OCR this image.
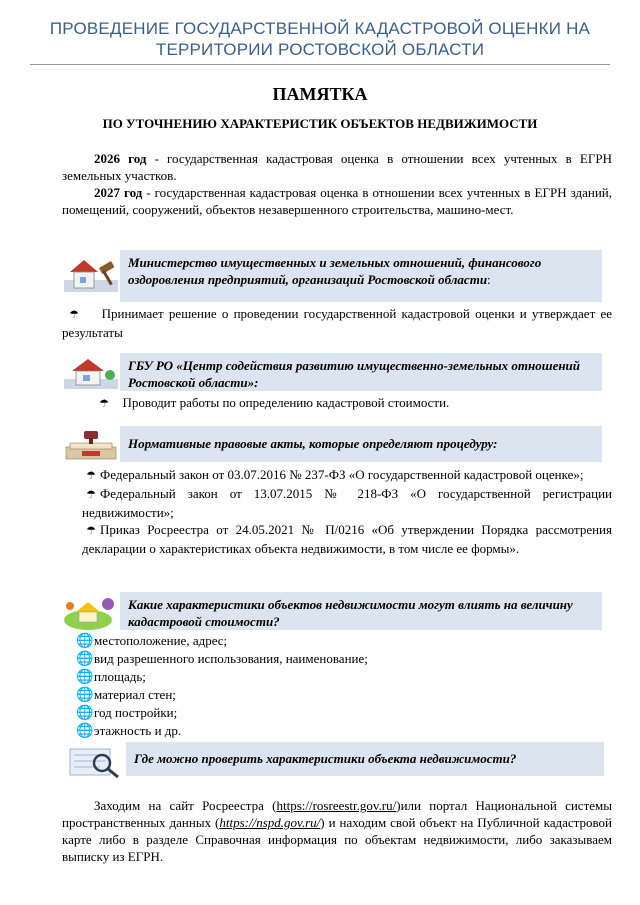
ПРОВЕДЕНИЕ ГОСУДАРСТВЕННОЙ КАДАСТРОВОЙ ОЦЕНКИ НА
ТЕРРИТОРИИ РОСТОВСКОЙ ОБЛАСТИ
ПАМЯТКА
ПО УТОЧНЕНИЮ ХАРАКТЕРИСТИК ОБЪЕКТОВ НЕДВИЖИМОСТИ
2026 год - государственная кадастровая оценка в отношении всех учтенных в ЕГРН земельных участков.
2027 год - государственная кадастровая оценка в отношении всех учтенных в ЕГРН зданий, помещений, сооружений, объектов незавершенного строительства, машино-мест.
Министерство имущественных и земельных отношений, финансового оздоровления предприятий, организаций Ростовской области:
☂ Принимает решение о проведении государственной кадастровой оценки и утверждает ее результаты
ГБУ РО «Центр содействия развитию имущественно-земельных отношений Ростовской области»:
☂ Проводит работы по определению кадастровой стоимости.
Нормативные правовые акты, которые определяют процедуру:
☂ Федеральный закон от 03.07.2016 № 237-ФЗ «О государственной кадастровой оценке»;
☂ Федеральный закон от 13.07.2015 № 218-ФЗ «О государственной регистрации недвижимости»;
☂ Приказ Росреестра от 24.05.2021 № П/0216 «Об утверждении Порядка рассмотрения декларации о характеристиках объекта недвижимости, в том числе ее формы».
Какие характеристики объектов недвижимости могут влиять на величину кадастровой стоимости?
🌐местоположение, адрес;
🌐вид разрешенного использования, наименование;
🌐площадь;
🌐материал стен;
🌐год постройки;
🌐этажность и др.
Где можно проверить характеристики объекта недвижимости?
Заходим на сайт Росреестра (https://rosreestr.gov.ru/)или портал Национальной системы пространственных данных (https://nspd.gov.ru/) и находим свой объект на Публичной кадастровой карте либо в разделе Справочная информация по объектам недвижимости, либо заказываем выписку из ЕГРН.
